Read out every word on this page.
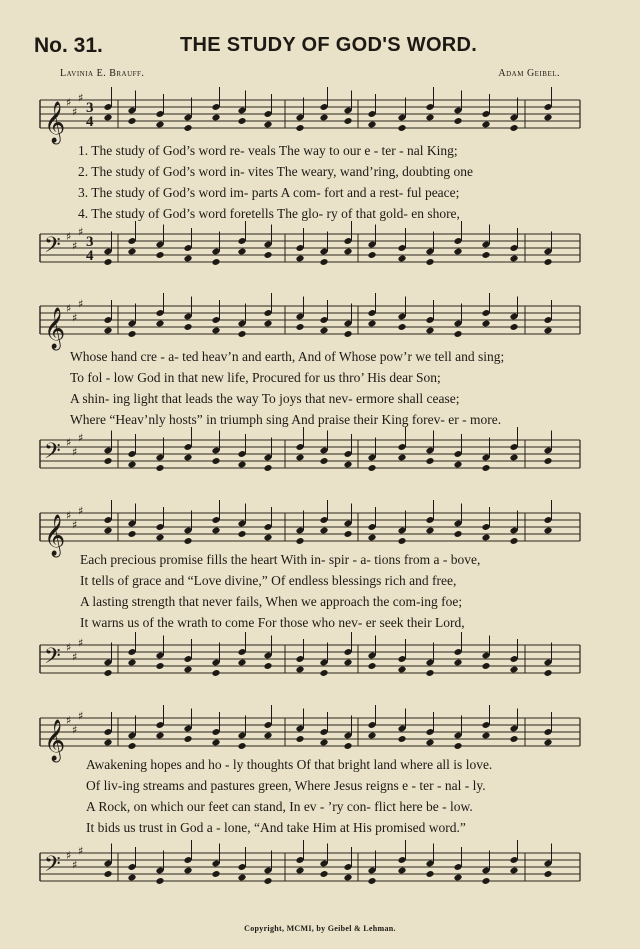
No. 31.	THE STUDY OF GOD'S WORD.
Lavinia E. Brauff.	Adam Geibel.
𝄞 ♯
♯
♯
3
4
1. The study of God’s word re- veals The way to our e - ter - nal King;
2. The study of God’s word in- vites The weary, wand’ring, doubting one
3. The study of God’s word im- parts A com- fort and a rest- ful peace;
4. The study of God’s word foretells The glo- ry of that gold- en shore,
𝄢 ♯
♯
♯
3
4
𝄞 ♯
♯
♯
Whose hand cre - a- ted heav’n and earth, And of Whose pow’r we tell and sing;
To fol - low God in that new life, Procured for us thro’ His dear Son;
A shin- ing light that leads the way To joys that nev- ermore shall cease;
Where “Heav’nly hosts” in triumph sing And praise their King forev- er - more.
𝄢 ♯
♯
♯
𝄞 ♯
♯
♯
Each precious promise fills the heart With in- spir - a- tions from a - bove,
It tells of grace and “Love divine,” Of endless blessings rich and free,
A lasting strength that never fails, When we approach the com-ing foe;
It warns us of the wrath to come For those who nev- er seek their Lord,
𝄢 ♯
♯
♯
𝄞 ♯
♯
♯
Awakening hopes and ho - ly thoughts Of that bright land where all is love.
Of liv-ing streams and pastures green, Where Jesus reigns e - ter - nal - ly.
A Rock, on which our feet can stand, In ev - ’ry con- flict here be - low.
It bids us trust in God a - lone, “And take Him at His promised word.”
𝄢 ♯
♯
♯
Copyright, MCMI, by Geibel & Lehman.
